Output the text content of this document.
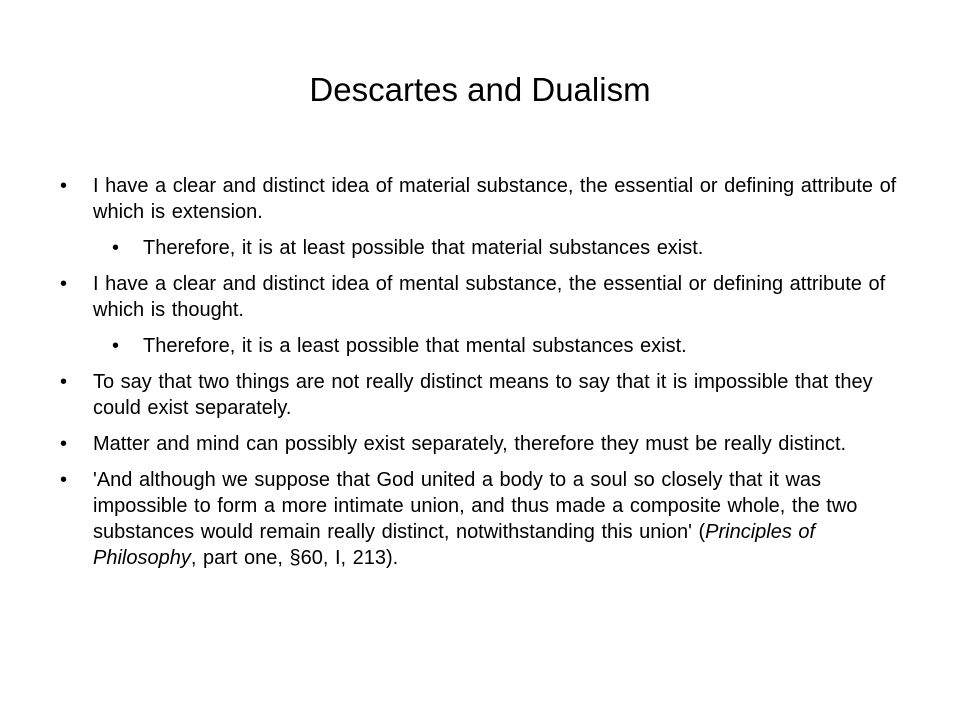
Descartes and Dualism
•	I have a clear and distinct idea of material substance, the essential or defining attribute of which is extension.
•	Therefore, it is at least possible that material substances exist.
•	I have a clear and distinct idea of mental substance, the essential or defining attribute of which is thought.
•	Therefore, it is a least possible that mental substances exist.
•	To say that two things are not really distinct means to say that it is impossible that they could exist separately.
•	Matter and mind can possibly exist separately, therefore they must be really distinct.
•	'And although we suppose that God united a body to a soul so closely that it was impossible to form a more intimate union, and thus made a composite whole, the two substances would remain really distinct, notwithstanding this union' (Principles of Philosophy, part one, §60, I, 213).
